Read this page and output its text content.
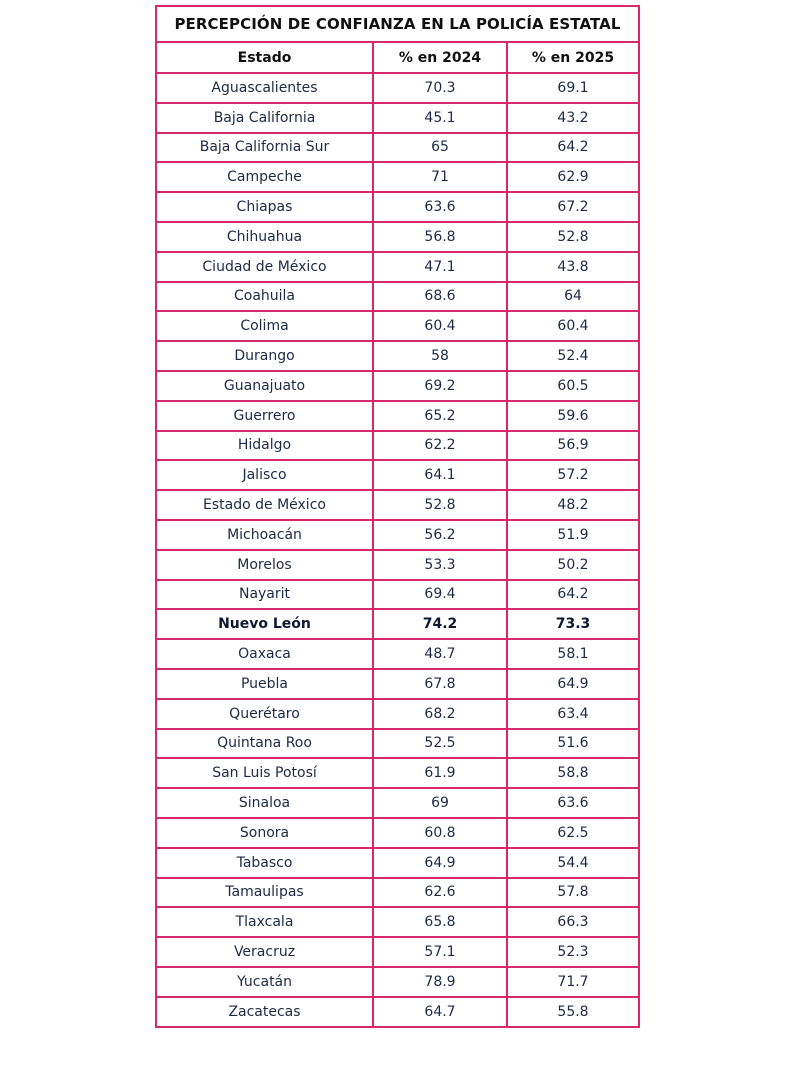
PERCEPCIÓN DE CONFIANZA EN LA POLICÍA ESTATAL		
Estado	% en 2024	% en 2025
Aguascalientes	70.3	69.1
Baja California	45.1	43.2
Baja California Sur	65	64.2
Campeche	71	62.9
Chiapas	63.6	67.2
Chihuahua	56.8	52.8
Ciudad de México	47.1	43.8
Coahuila	68.6	64
Colima	60.4	60.4
Durango	58	52.4
Guanajuato	69.2	60.5
Guerrero	65.2	59.6
Hidalgo	62.2	56.9
Jalisco	64.1	57.2
Estado de México	52.8	48.2
Michoacán	56.2	51.9
Morelos	53.3	50.2
Nayarit	69.4	64.2
Nuevo León	74.2	73.3
Oaxaca	48.7	58.1
Puebla	67.8	64.9
Querétaro	68.2	63.4
Quintana Roo	52.5	51.6
San Luis Potosí	61.9	58.8
Sinaloa	69	63.6
Sonora	60.8	62.5
Tabasco	64.9	54.4
Tamaulipas	62.6	57.8
Tlaxcala	65.8	66.3
Veracruz	57.1	52.3
Yucatán	78.9	71.7
Zacatecas	64.7	55.8
